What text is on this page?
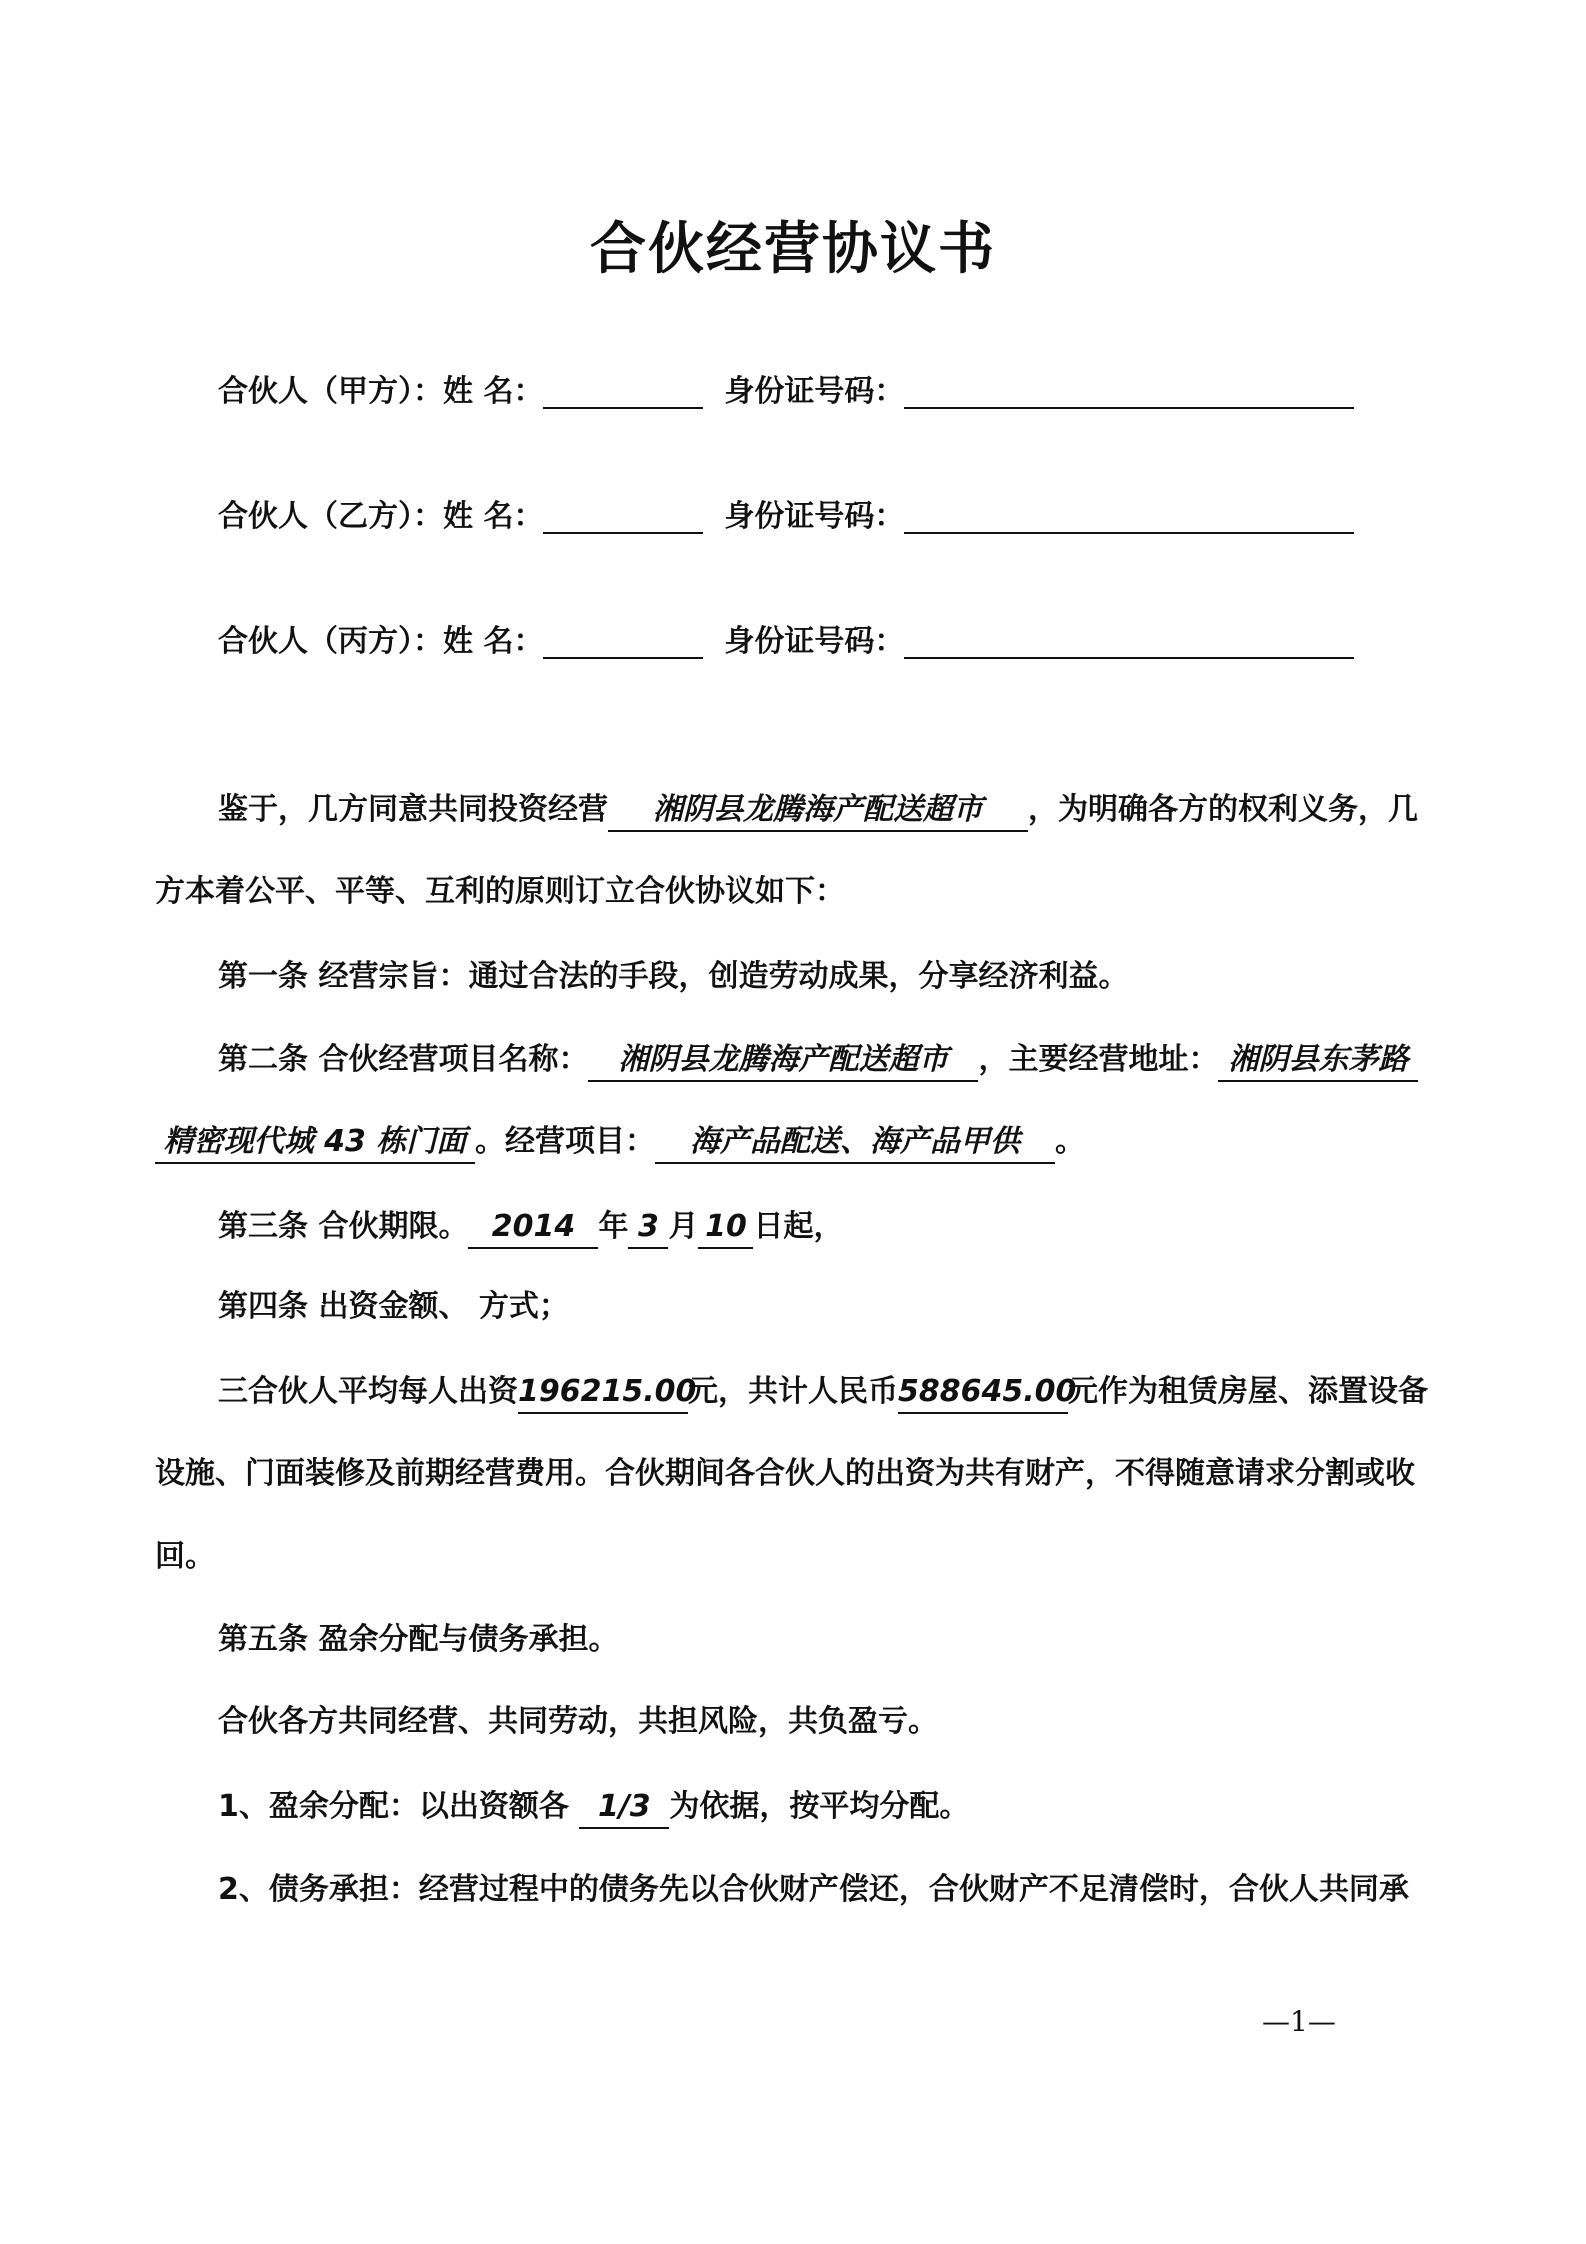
合伙经营协议书
合伙人（甲方）：姓 名：	身份证号码：
合伙人（乙方）：姓 名：	身份证号码：
合伙人（丙方）：姓 名：	身份证号码：
鉴于，几方同意共同投资经营 湘阴县龙腾海产配送超市 ，为明确各方的权利义务，几
方本着公平、平等、互利的原则订立合伙协议如下：
第一条 经营宗旨：通过合法的手段，创造劳动成果，分享经济利益。
第二条 合伙经营项目名称： 湘阴县龙腾海产配送超市 ，主要经营地址： 湘阴县东茅路
精密现代城 43 栋门面 。经营项目： 海产品配送、海产品甲供 。
第三条 合伙期限。 2014 年 3 月 10 日起，
第四条 出资金额、 方式；
三合伙人平均每人出资196215.00元，共计人民币588645.00元作为租赁房屋、添置设备
设施、门面装修及前期经营费用。合伙期间各合伙人的出资为共有财产，不得随意请求分割或收
回。
第五条 盈余分配与债务承担。
合伙各方共同经营、共同劳动，共担风险，共负盈亏。
1、盈余分配：以出资额各 1/3 为依据，按平均分配。
2、债务承担：经营过程中的债务先以合伙财产偿还，合伙财产不足清偿时，合伙人共同承
—1—
